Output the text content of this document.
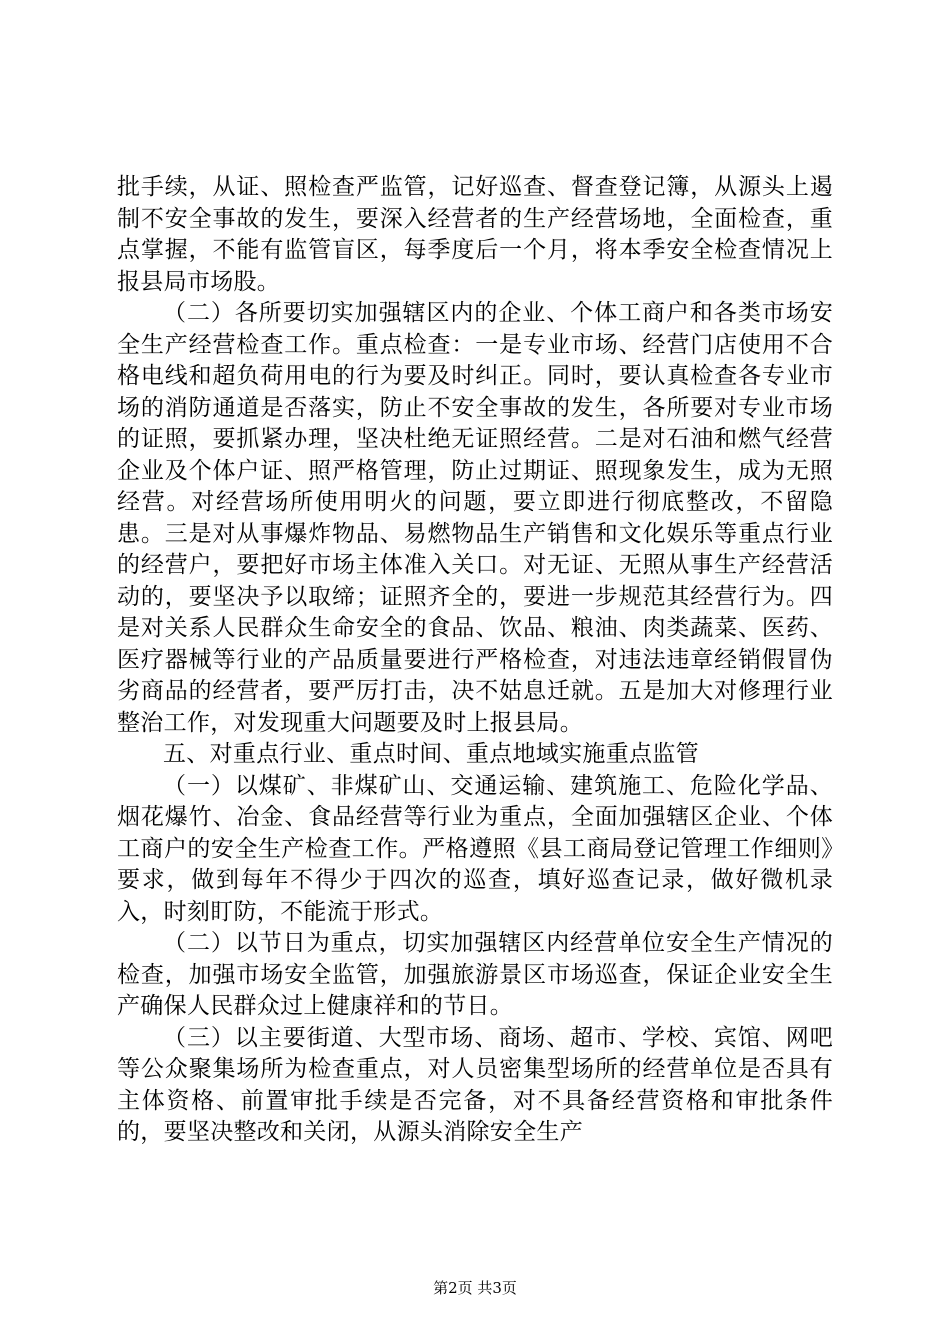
批手续，从证、照检查严监管，记好巡查、督查登记簿，从源头上遏制不安全事故的发生，要深入经营者的生产经营场地，全面检查，重点掌握，不能有监管盲区，每季度后一个月，将本季安全检查情况上报县局市场股。

（二）各所要切实加强辖区内的企业、个体工商户和各类市场安全生产经营检查工作。重点检查：一是专业市场、经营门店使用不合格电线和超负荷用电的行为要及时纠正。同时，要认真检查各专业市场的消防通道是否落实，防止不安全事故的发生，各所要对专业市场的证照，要抓紧办理，坚决杜绝无证照经营。二是对石油和燃气经营企业及个体户证、照严格管理，防止过期证、照现象发生，成为无照经营。对经营场所使用明火的问题，要立即进行彻底整改，不留隐患。三是对从事爆炸物品、易燃物品生产销售和文化娱乐等重点行业的经营户，要把好市场主体准入关口。对无证、无照从事生产经营活动的，要坚决予以取缔；证照齐全的，要进一步规范其经营行为。四是对关系人民群众生命安全的食品、饮品、粮油、肉类蔬菜、医药、医疗器械等行业的产品质量要进行严格检查，对违法违章经销假冒伪劣商品的经营者，要严厉打击，决不姑息迁就。五是加大对修理行业整治工作，对发现重大问题要及时上报县局。

五、对重点行业、重点时间、重点地域实施重点监管

（一）以煤矿、非煤矿山、交通运输、建筑施工、危险化学品、烟花爆竹、冶金、食品经营等行业为重点，全面加强辖区企业、个体工商户的安全生产检查工作。严格遵照《县工商局登记管理工作细则》要求，做到每年不得少于四次的巡查，填好巡查记录，做好微机录入，时刻盯防，不能流于形式。

（二）以节日为重点，切实加强辖区内经营单位安全生产情况的检查，加强市场安全监管，加强旅游景区市场巡查，保证企业安全生产确保人民群众过上健康祥和的节日。

（三）以主要街道、大型市场、商场、超市、学校、宾馆、网吧等公众聚集场所为检查重点，对人员密集型场所的经营单位是否具有主体资格、前置审批手续是否完备，对不具备经营资格和审批条件的，要坚决整改和关闭，从源头消除安全生产

第2页 共3页
